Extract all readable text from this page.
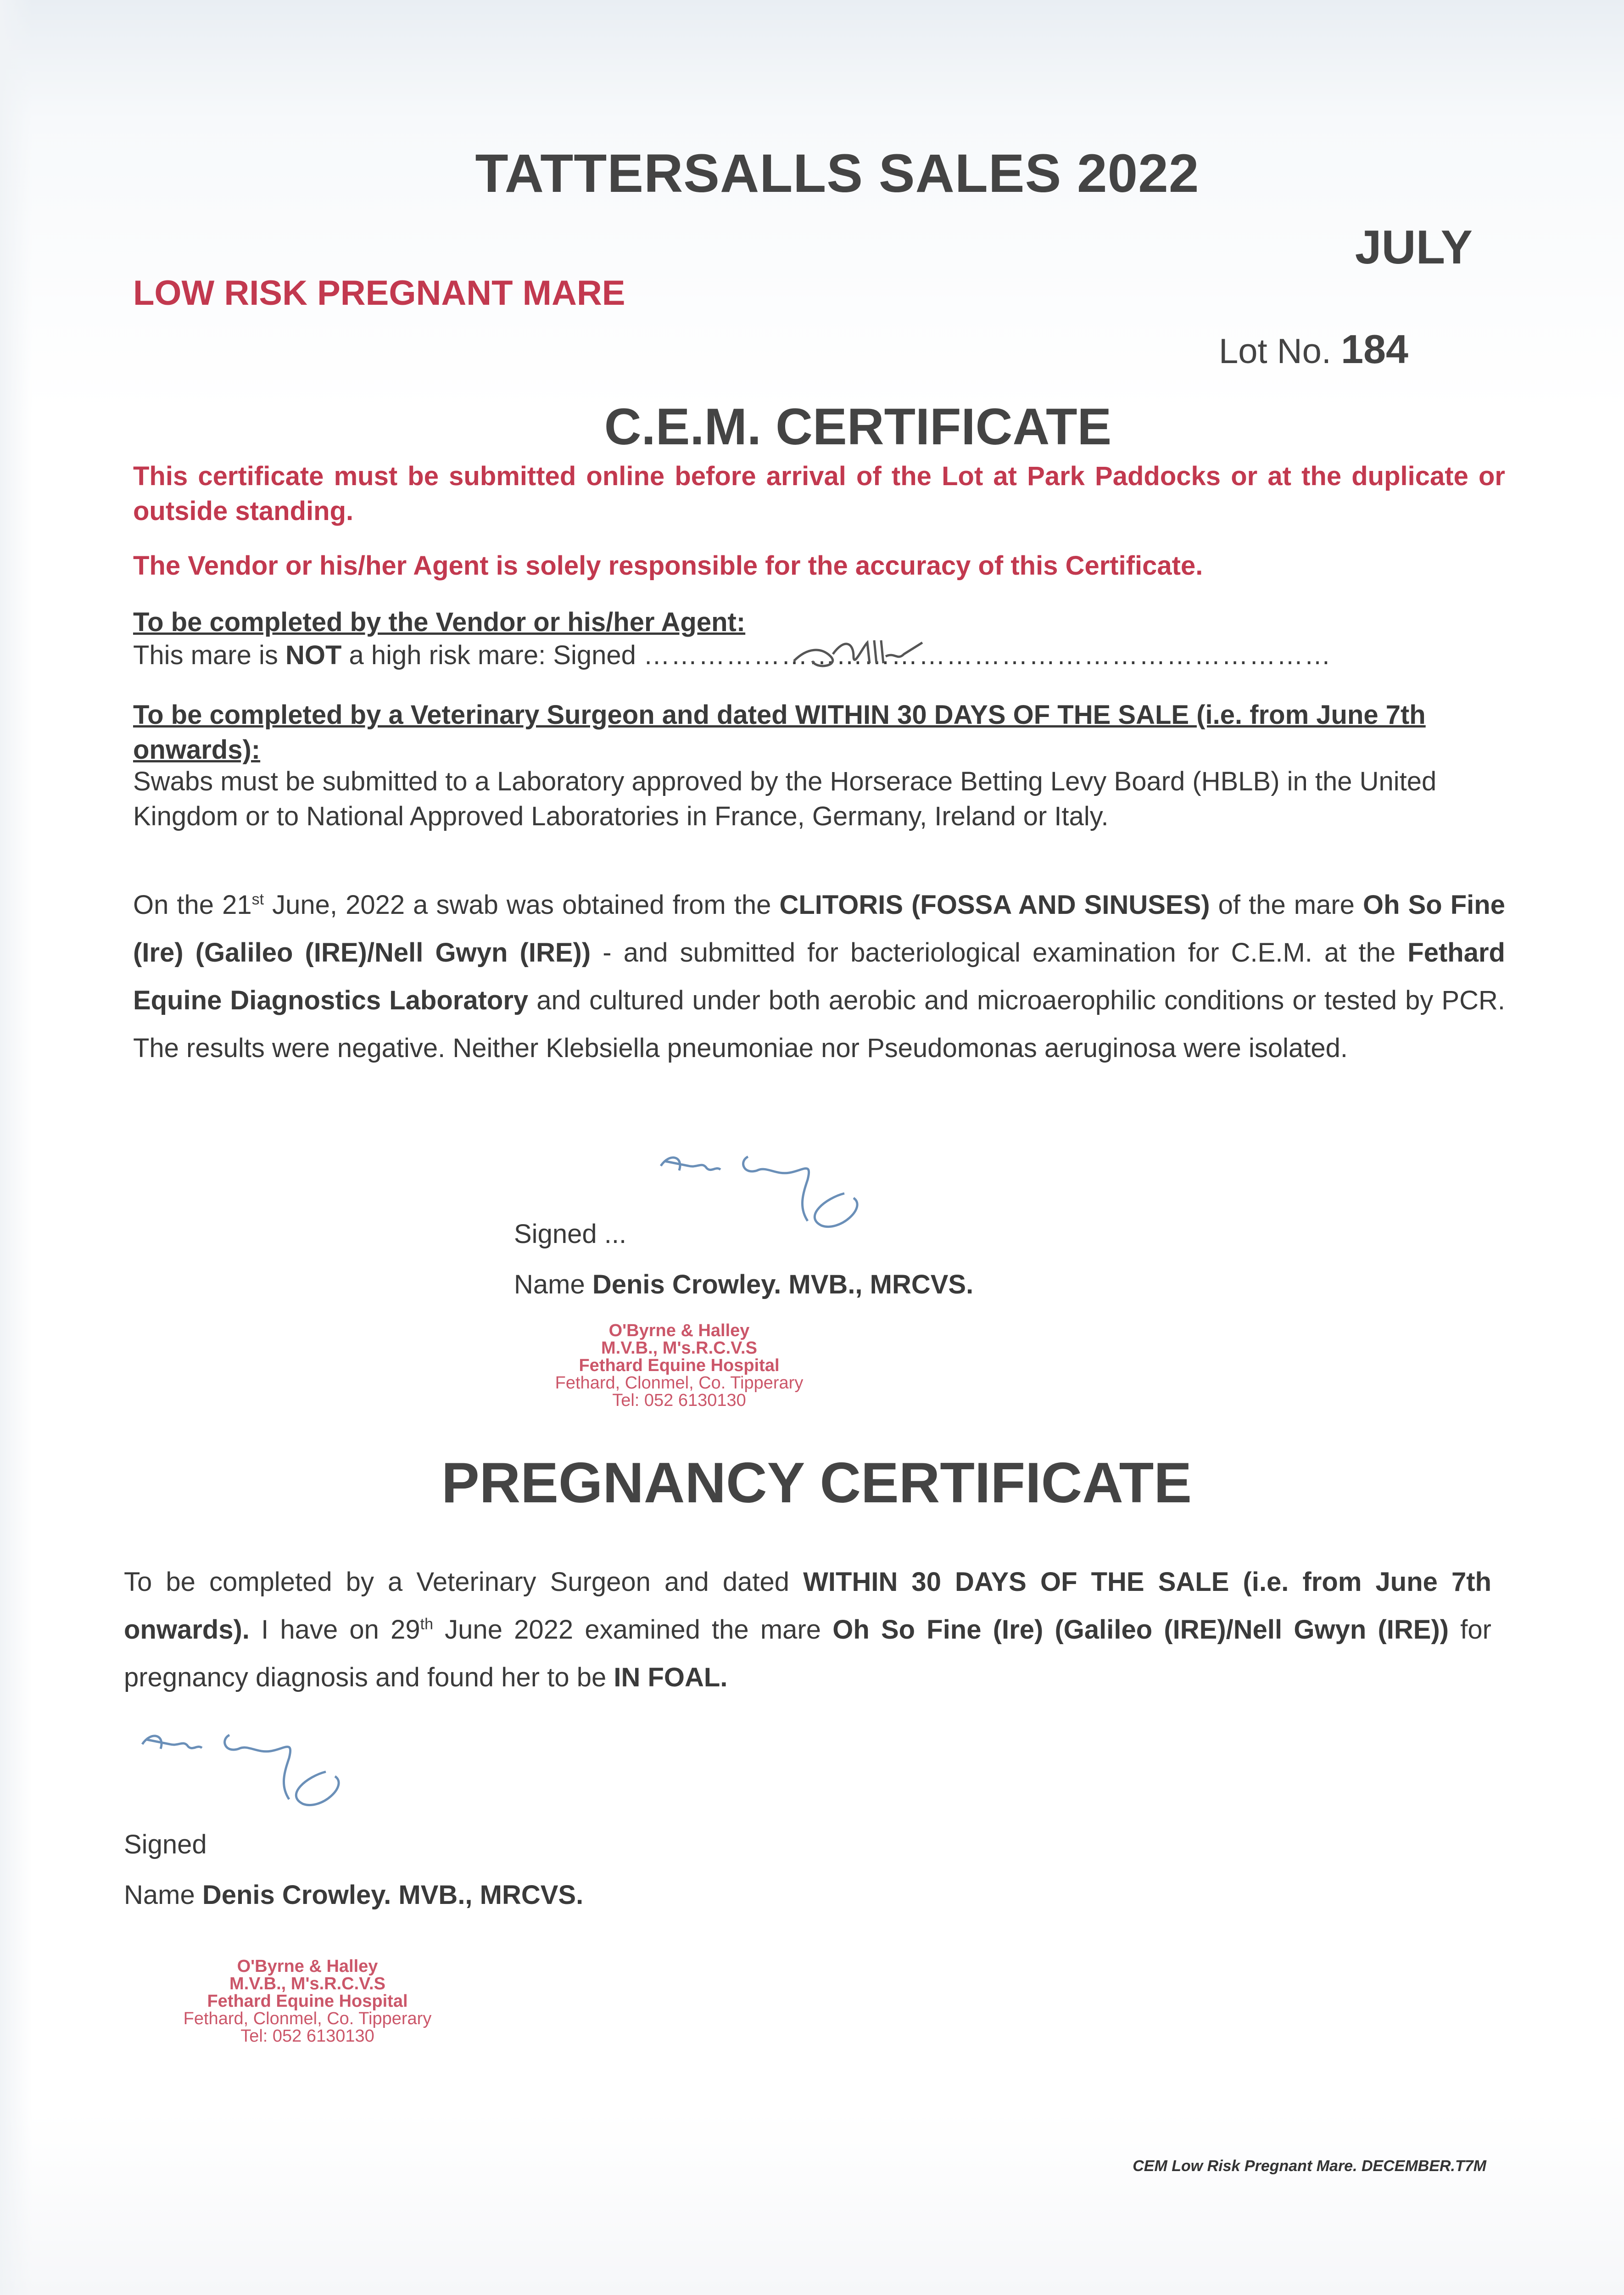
TATTERSALLS SALES 2022
JULY
LOW RISK PREGNANT MARE
Lot No. 184
C.E.M. CERTIFICATE
This certificate must be submitted online before arrival of the Lot at Park Paddocks or at the duplicate or outside standing.
The Vendor or his/her Agent is solely responsible for the accuracy of this Certificate.
To be completed by the Vendor or his/her Agent:
This mare is NOT a high risk mare: Signed …………………………………………………………………
To be completed by a Veterinary Surgeon and dated WITHIN 30 DAYS OF THE SALE (i.e. from June 7th onwards):
Swabs must be submitted to a Laboratory approved by the Horserace Betting Levy Board (HBLB) in the United Kingdom or to National Approved Laboratories in France, Germany, Ireland or Italy.
On the 21st June, 2022 a swab was obtained from the CLITORIS (FOSSA AND SINUSES) of the mare Oh So Fine (Ire) (Galileo (IRE)/Nell Gwyn (IRE)) - and submitted for bacteriological examination for C.E.M. at the Fethard Equine Diagnostics Laboratory and cultured under both aerobic and microaerophilic conditions or tested by PCR. The results were negative. Neither Klebsiella pneumoniae nor Pseudomonas aeruginosa were isolated.
Signed ...
Name Denis Crowley. MVB., MRCVS.
O'Byrne & Halley
M.V.B., M's.R.C.V.S
Fethard Equine Hospital
Fethard, Clonmel, Co. Tipperary
Tel: 052 6130130
PREGNANCY CERTIFICATE
To be completed by a Veterinary Surgeon and dated WITHIN 30 DAYS OF THE SALE (i.e. from June 7th onwards). I have on 29th June 2022 examined the mare Oh So Fine (Ire) (Galileo (IRE)/Nell Gwyn (IRE)) for pregnancy diagnosis and found her to be IN FOAL.
Signed
Name Denis Crowley. MVB., MRCVS.
O'Byrne & Halley
M.V.B., M's.R.C.V.S
Fethard Equine Hospital
Fethard, Clonmel, Co. Tipperary
Tel: 052 6130130
CEM Low Risk Pregnant Mare. DECEMBER.T7M
